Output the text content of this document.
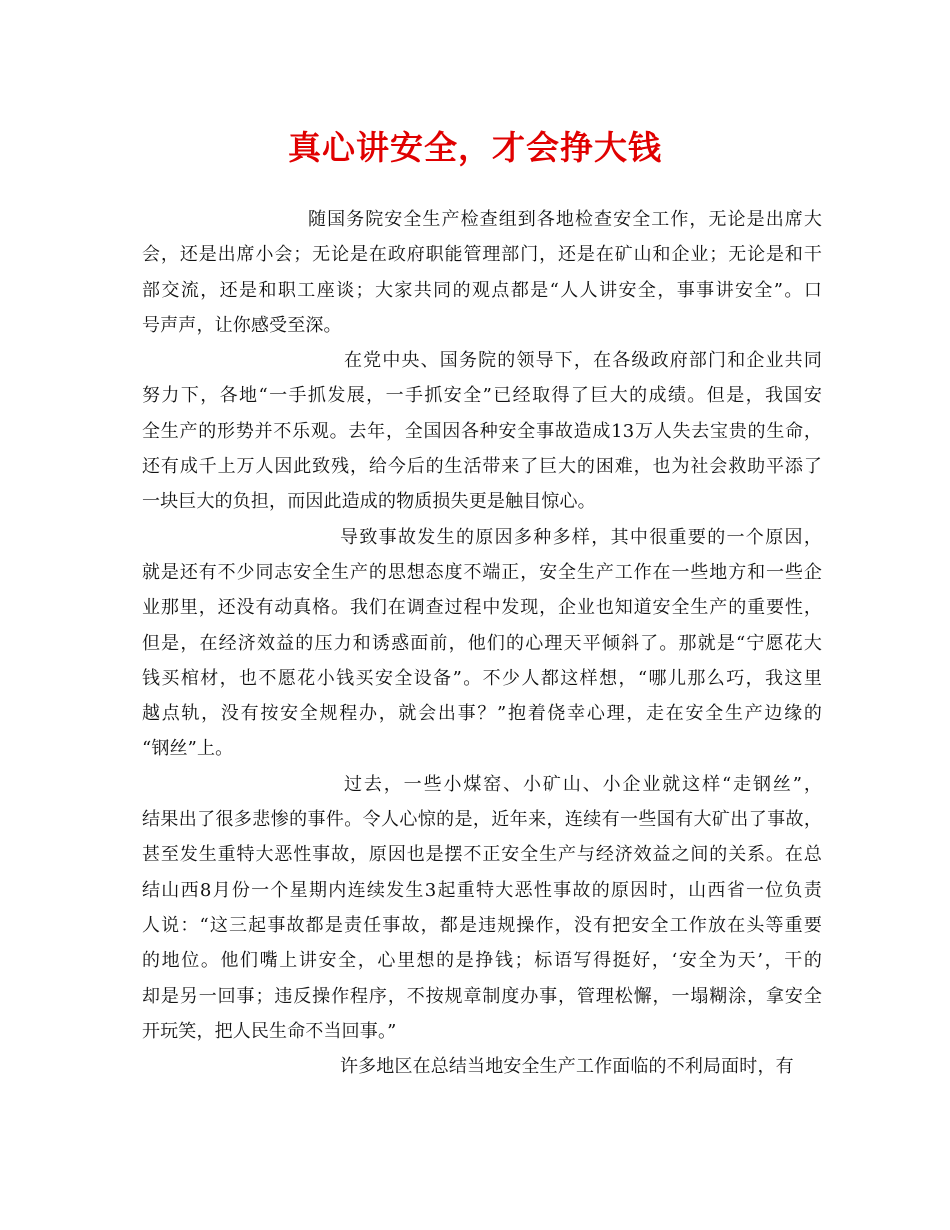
真心讲安全，才会挣大钱
随国务院安全生产检查组到各地检查安全工作，无论是出席大
会，还是出席小会；无论是在政府职能管理部门，还是在矿山和企业；无论是和干
部交流，还是和职工座谈；大家共同的观点都是“人人讲安全，事事讲安全”。口
号声声，让你感受至深。
在党中央、国务院的领导下，在各级政府部门和企业共同
努力下，各地“一手抓发展，一手抓安全”已经取得了巨大的成绩。但是，我国安
全生产的形势并不乐观。去年，全国因各种安全事故造成13万人失去宝贵的生命，
还有成千上万人因此致残，给今后的生活带来了巨大的困难，也为社会救助平添了
一块巨大的负担，而因此造成的物质损失更是触目惊心。
导致事故发生的原因多种多样，其中很重要的一个原因，
就是还有不少同志安全生产的思想态度不端正，安全生产工作在一些地方和一些企
业那里，还没有动真格。我们在调查过程中发现，企业也知道安全生产的重要性，
但是，在经济效益的压力和诱惑面前，他们的心理天平倾斜了。那就是“宁愿花大
钱买棺材，也不愿花小钱买安全设备”。不少人都这样想，“哪儿那么巧，我这里
越点轨，没有按安全规程办，就会出事？”抱着侥幸心理，走在安全生产边缘的
“钢丝”上。
过去，一些小煤窑、小矿山、小企业就这样“走钢丝”，
结果出了很多悲惨的事件。令人心惊的是，近年来，连续有一些国有大矿出了事故，
甚至发生重特大恶性事故，原因也是摆不正安全生产与经济效益之间的关系。在总
结山西8月份一个星期内连续发生3起重特大恶性事故的原因时，山西省一位负责
人说：“这三起事故都是责任事故，都是违规操作，没有把安全工作放在头等重要
的地位。他们嘴上讲安全，心里想的是挣钱；标语写得挺好，‘安全为天’，干的
却是另一回事；违反操作程序，不按规章制度办事，管理松懈，一塌糊涂，拿安全
开玩笑，把人民生命不当回事。”
许多地区在总结当地安全生产工作面临的不利局面时，有
